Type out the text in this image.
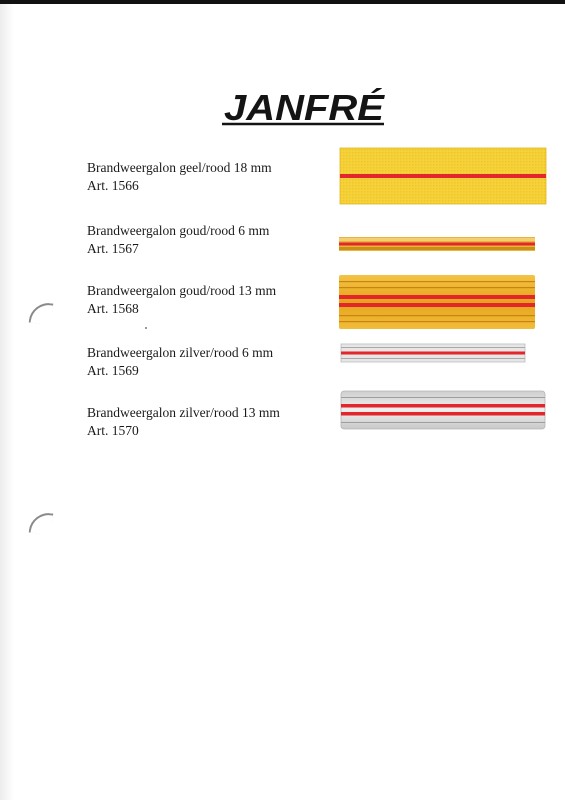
JANFRÉ
Brandweergalon geel/rood 18 mm
Art. 1566
Brandweergalon goud/rood 6 mm
Art. 1567
Brandweergalon goud/rood 13 mm
Art. 1568
Brandweergalon zilver/rood 6 mm
Art. 1569
Brandweergalon zilver/rood 13 mm
Art. 1570
